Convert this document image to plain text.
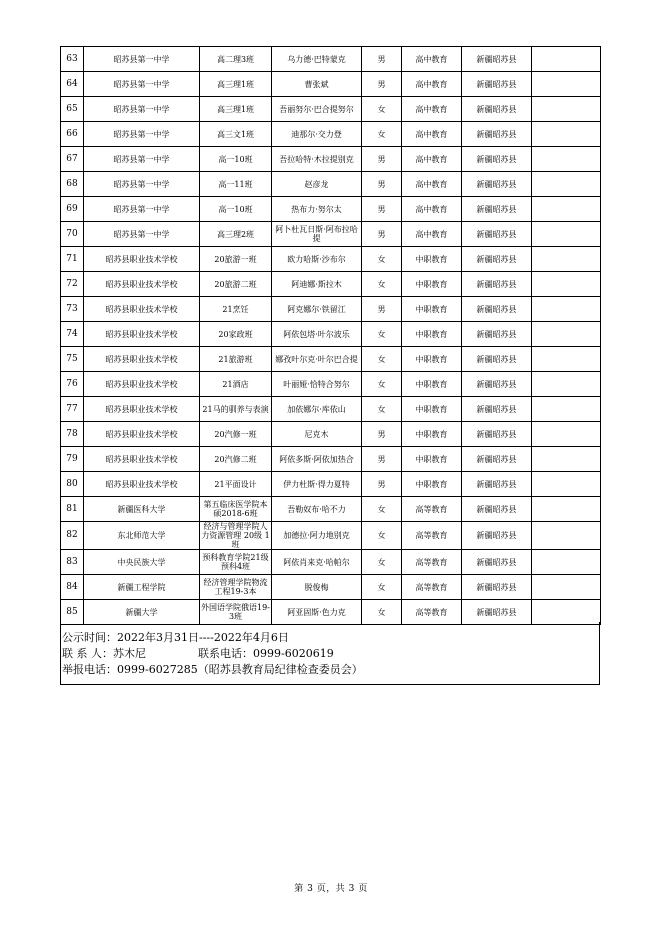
63	昭苏县第一中学	高二理3班	乌力德·巴特蒙克	男	高中教育	新疆昭苏县	
64	昭苏县第一中学	高三理1班	曹张斌	男	高中教育	新疆昭苏县	
65	昭苏县第一中学	高三理1班	吾丽努尔·巴合提努尔	女	高中教育	新疆昭苏县	
66	昭苏县第一中学	高三文1班	迪那尔·交力登	女	高中教育	新疆昭苏县	
67	昭苏县第一中学	高一10班	吾拉哈特·木拉提别克	男	高中教育	新疆昭苏县	
68	昭苏县第一中学	高一11班	赵彦龙	男	高中教育	新疆昭苏县	
69	昭苏县第一中学	高一10班	热布力·努尔太	男	高中教育	新疆昭苏县	
70	昭苏县第一中学	高三理2班	阿卜杜瓦日斯·阿布拉哈提	男	高中教育	新疆昭苏县	
71	昭苏县职业技术学校	20旅游一班	欧力哈斯·沙布尔	女	中职教育	新疆昭苏县	
72	昭苏县职业技术学校	20旅游二班	阿迪娜·斯拉木	女	中职教育	新疆昭苏县	
73	昭苏县职业技术学校	21烹饪	阿克娜尔·铁留江	男	中职教育	新疆昭苏县	
74	昭苏县职业技术学校	20家政班	阿依包塔·叶尔波乐	女	中职教育	新疆昭苏县	
75	昭苏县职业技术学校	21旅游班	娜孜叶尔克·叶尔巴合提	女	中职教育	新疆昭苏县	
76	昭苏县职业技术学校	21酒店	叶丽娅·恰特合努尔	女	中职教育	新疆昭苏县	
77	昭苏县职业技术学校	21马的驯养与表演	加依娜尔·库依山	女	中职教育	新疆昭苏县	
78	昭苏县职业技术学校	20汽修一班	尼克木	男	中职教育	新疆昭苏县	
79	昭苏县职业技术学校	20汽修二班	阿依多斯·阿依加热合	男	中职教育	新疆昭苏县	
80	昭苏县职业技术学校	21平面设计	伊力杜斯·得力夏特	男	中职教育	新疆昭苏县	
81	新疆医科大学	第五临床医学院本硕2018-6班	吾勒奴布·哈不力	女	高等教育	新疆昭苏县	
82	东北师范大学	经济与管理学院人力资源管理 20级 1班	加德拉·阿力地别克	女	高等教育	新疆昭苏县	
83	中央民族大学	预科教育学院21级预科4班	阿依肖来克·哈帕尔	女	高等教育	新疆昭苏县	
84	新疆工程学院	经济管理学院物流工程19-3本	脱俊梅	女	高等教育	新疆昭苏县	
85	新疆大学	外国语学院俄语19-3班	阿亚固斯·色力克	女	高等教育	新疆昭苏县	
公示时间：2022年3月31日----2022年4月6日
联 系 人：苏木尼	联系电话：0999-6020619
举报电话：0999-6027285（昭苏县教育局纪律检查委员会）
第 3 页，共 3 页
